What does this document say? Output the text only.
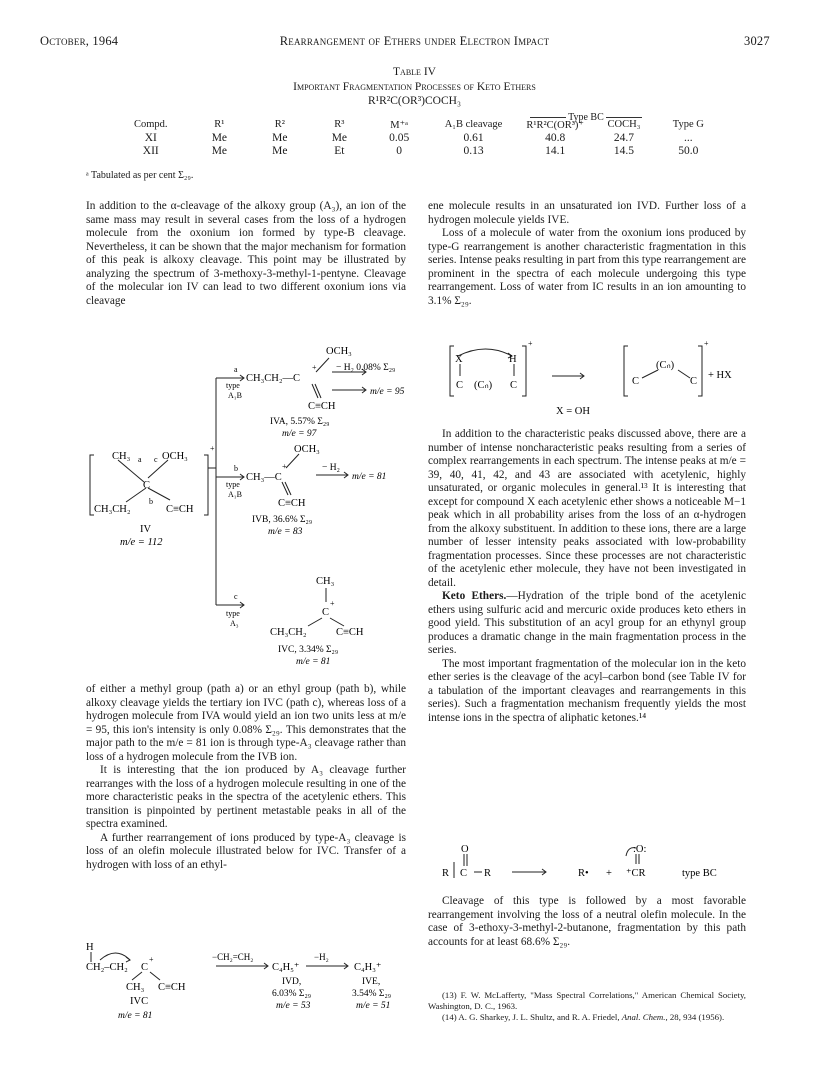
October, 1964	Rearrangement of Ethers under Electron Impact	3027
Table IV
Important Fragmentation Processes of Keto Ethers
R¹R²C(OR³)COCH₃
Type BC
Compd.	R¹	R²	R³	M⁺ᵃ	A₁B cleavage	R¹R²C(OR³)⁺	COCH₃	Type G
XI	Me	Me	Me	0.05	0.61	40.8	24.7	...
XII	Me	Me	Et	0	0.13	14.1	14.5	50.0
ᵃ Tabulated as per cent Σ₂₉.

In addition to the α-cleavage of the alkoxy group (A₃), an ion of the same mass may result in several cases from the loss of a hydrogen molecule from the oxonium ion formed by type-B cleavage. Nevertheless, it can be shown that the major mechanism for formation of this peak is alkoxy cleavage. This point may be illustrated by analyzing the spectrum of 3-methoxy-3-methyl-1-pentyne. Cleavage of the molecular ion IV can lead to two different oxonium ions via cleavage

CH₃ a c OCH₃
C
CH₃CH₂
b
C≡CH
+
IV
m/e = 112
a
type
A₁B
CH₃CH₂—C
OCH₃
+ − H₂ 0.08% Σ₂₉
m/e = 95
C≡CH
IVA, 5.57% Σ₂₉
m/e = 97
b
type
A₁B
CH₃—C
OCH₃
+	− H₂
m/e = 81
C≡CH
IVB, 36.6% Σ₂₉
m/e = 83
c
type
A₃
CH₃
C
+
CH₃CH₂	C≡CH
IVC, 3.34% Σ₂₉
m/e = 81

of either a methyl group (path a) or an ethyl group (path b), while alkoxy cleavage yields the tertiary ion IVC (path c), whereas loss of a hydrogen molecule from IVA would yield an ion two units less at m/e = 95, this ion's intensity is only 0.08% Σ₂₉. This demonstrates that the major path to the m/e = 81 ion is through type-A₃ cleavage rather than loss of a hydrogen molecule from the IVB ion.

It is interesting that the ion produced by A₃ cleavage further rearranges with the loss of a hydrogen molecule resulting in one of the more characteristic peaks in the spectra of the acetylenic ethers. This transition is pinpointed by pertinent metastable peaks in all of the spectra examined.

A further rearrangement of ions produced by type-A₃ cleavage is loss of an olefin molecule illustrated below for IVC. Transfer of a hydrogen with loss of an ethyl-

H
CH₂–CH₂ C
+
CH₃ C≡CH
IVC
m/e = 81
−CH₂=CH₂
C₄H₅⁺
−H₂
C₄H₃⁺
IVD,
6.03% Σ₂₉
m/e = 53
IVE,
3.54% Σ₂₉
m/e = 51

ene molecule results in an unsaturated ion IVD. Further loss of a hydrogen molecule yields IVE.

Loss of a molecule of water from the oxonium ions produced by type-G rearrangement is another characteristic fragmentation in this series. Intense peaks resulting in part from this type rearrangement are prominent in the spectra of each molecule undergoing this type rearrangement. Loss of water from IC results in an ion amounting to 3.1% Σ₂₉.

X	H
C (Cₙ) C
+
(Cₙ)
C	C
+
+ HX
X = OH

In addition to the characteristic peaks discussed above, there are a number of intense noncharacteristic peaks resulting from a series of complex rearrangements in each spectrum. The intense peaks at m/e = 39, 40, 41, 42, and 43 are associated with acetylenic, highly unsaturated, or organic molecules in general.¹³ It is interesting that except for compound X each acetylenic ether shows a noticeable M−1 peak which in all probability arises from the loss of an α-hydrogen from the alkoxy substituent. In addition to these ions, there are a large number of lesser intensity peaks associated with low-probability fragmentation processes. Since these processes are not characteristic of the acetylenic ether molecule, they have not been investigated in detail.

Keto Ethers.—Hydration of the triple bond of the acetylenic ethers using sulfuric acid and mercuric oxide produces keto ethers in good yield. This substitution of an acyl group for an ethynyl group produces a dramatic change in the main fragmentation process in the series.

The most important fragmentation of the molecular ion in the keto ether series is the cleavage of the acyl–carbon bond (see Table IV for a tabulation of the important cleavages and rearrangements in this series). Such a fragmentation mechanism frequently yields the most intense ions in the spectra of aliphatic ketones.¹⁴

O
R C R	R• +
:O:
⁺CR	type BC

Cleavage of this type is followed by a most favorable rearrangement involving the loss of a neutral olefin molecule. In the case of 3-ethoxy-3-methyl-2-butanone, fragmentation by this path accounts for at least 68.6% Σ₂₉.

(13) F. W. McLafferty, "Mass Spectral Correlations," American Chemical Society, Washington, D. C., 1963.

(14) A. G. Sharkey, J. L. Shultz, and R. A. Friedel, Anal. Chem., 28, 934 (1956).
